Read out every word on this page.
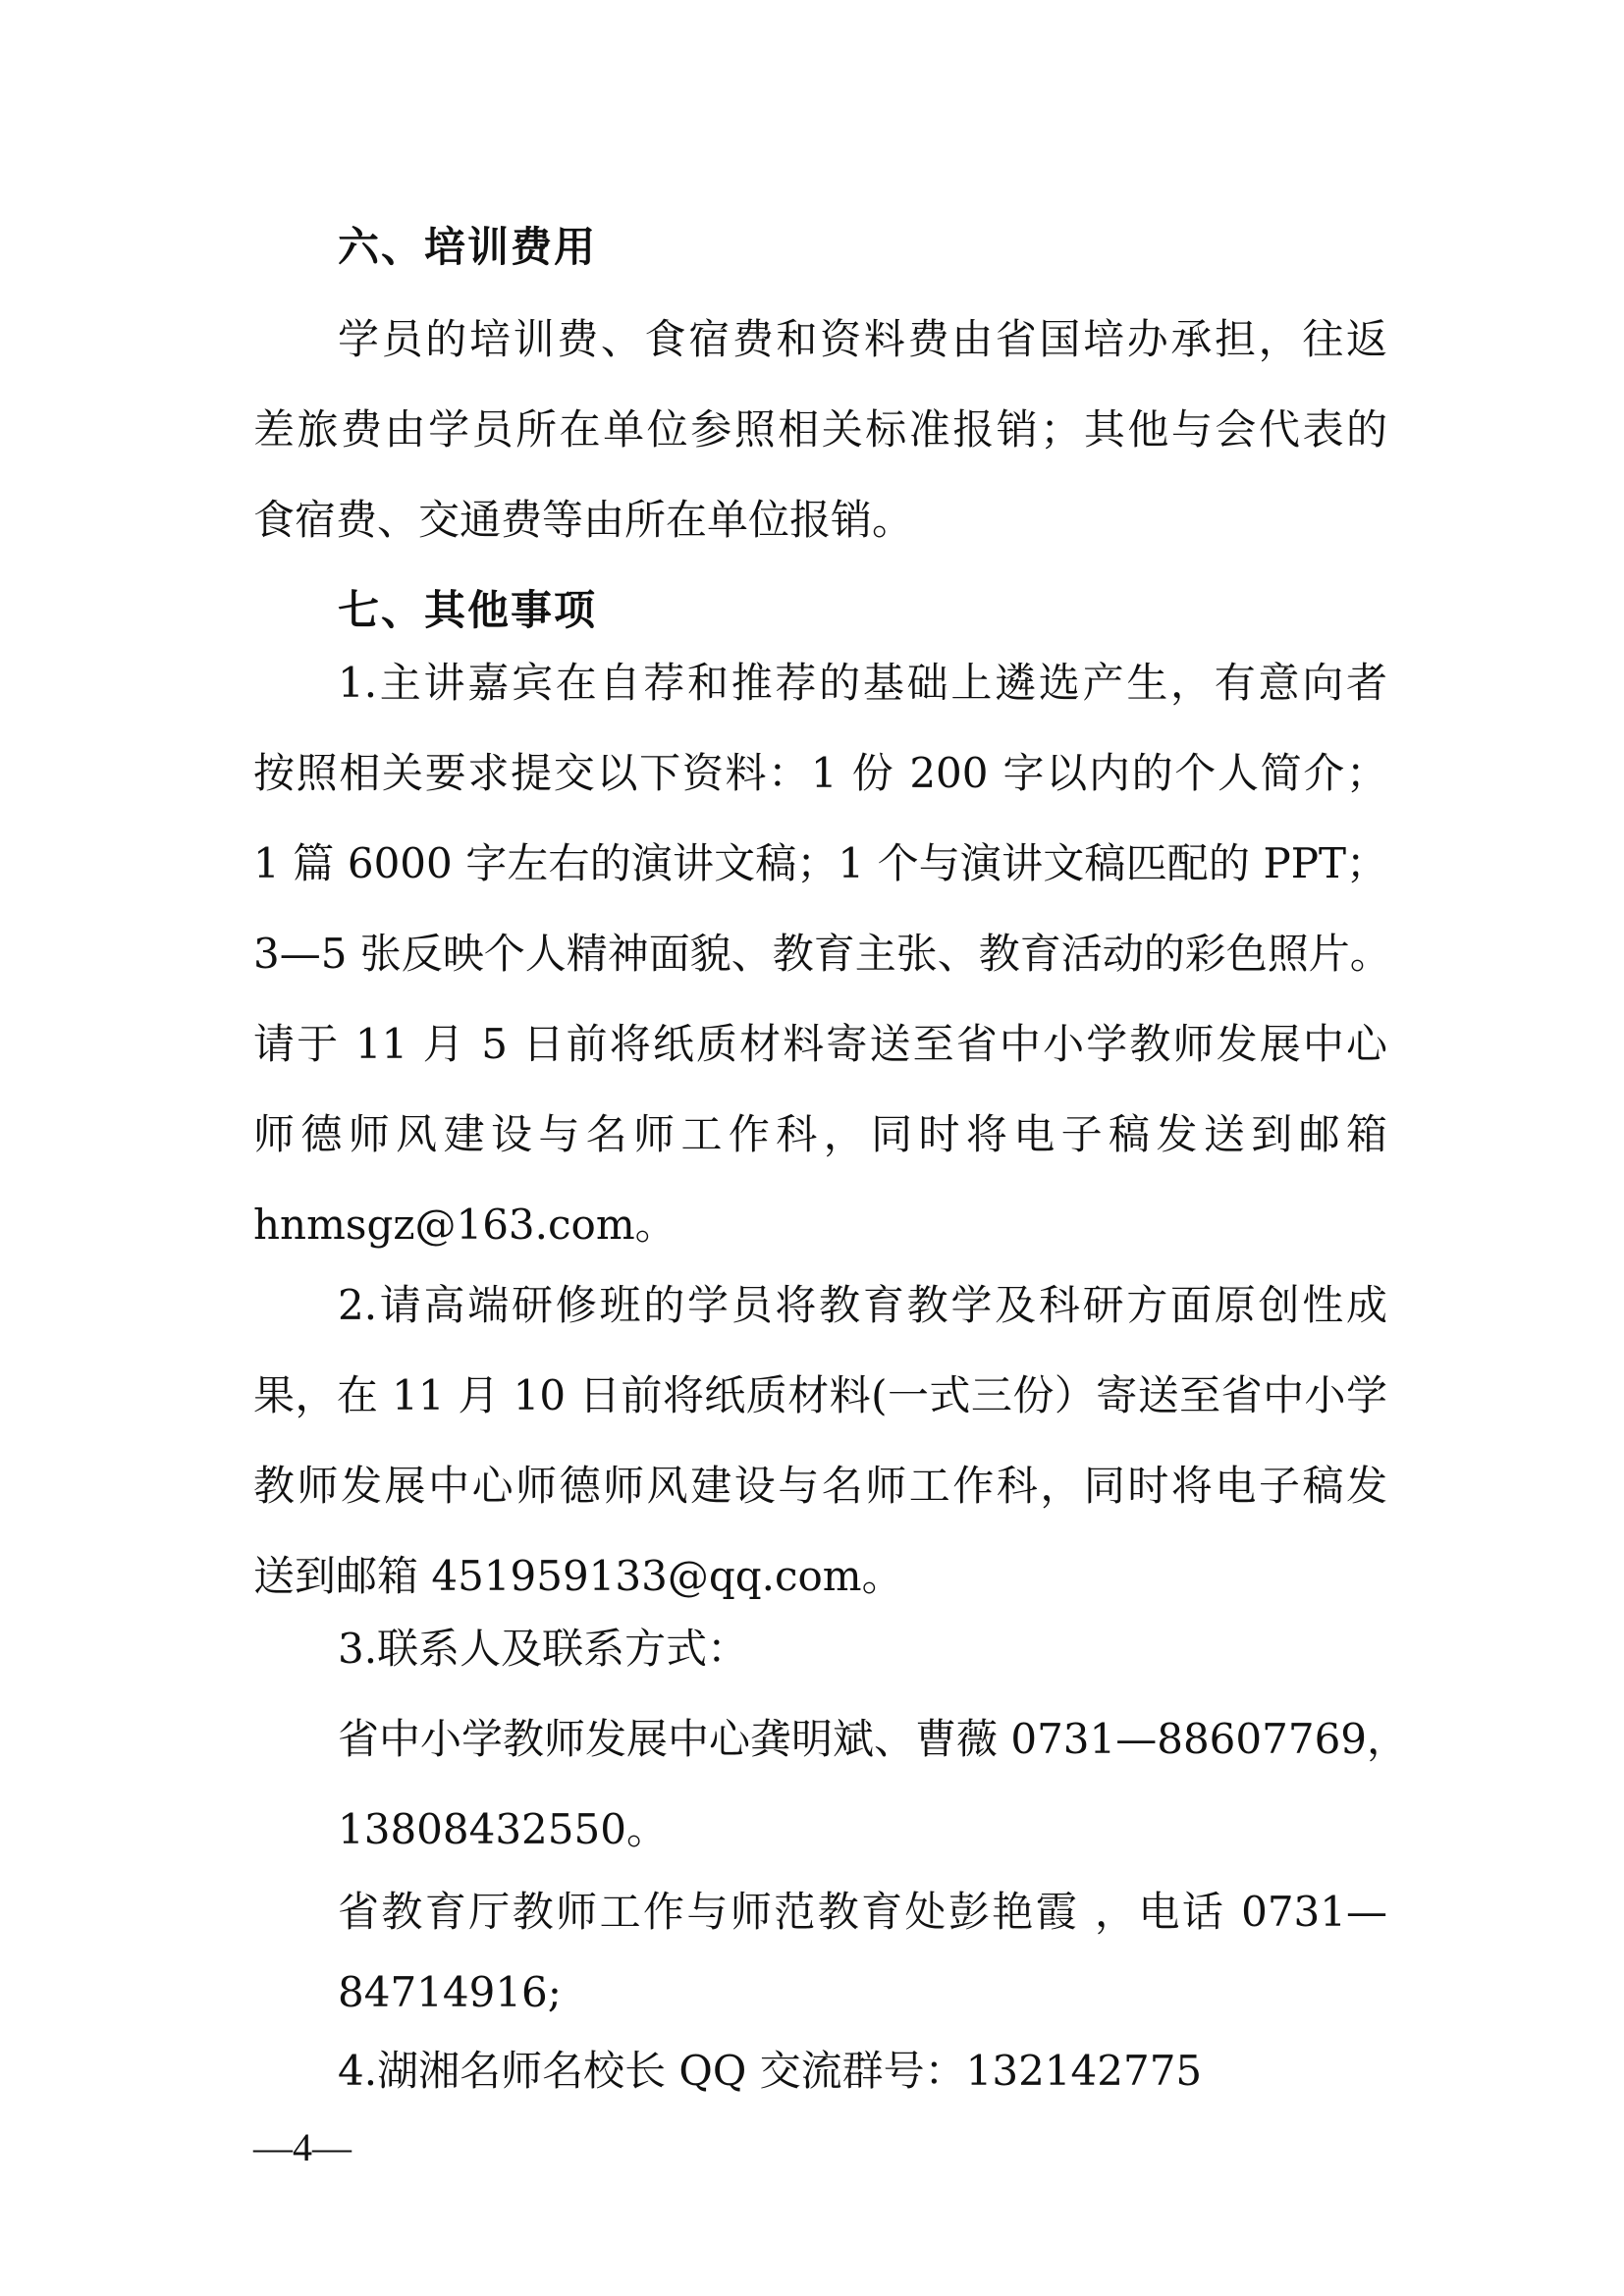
六、培训费用
学员的培训费、食宿费和资料费由省国培办承担，往返
差旅费由学员所在单位参照相关标准报销；其他与会代表的
食宿费、交通费等由所在单位报销。
七、其他事项
1.主讲嘉宾在自荐和推荐的基础上遴选产生，有意向者
按照相关要求提交以下资料：1 份 200 字以内的个人简介；
1 篇 6000 字左右的演讲文稿；1 个与演讲文稿匹配的 PPT；
3—5 张反映个人精神面貌、教育主张、教育活动的彩色照片。
请于 11 月 5 日前将纸质材料寄送至省中小学教师发展中心
师德师风建设与名师工作科，同时将电子稿发送到邮箱
hnmsgz@163.com。
2.请高端研修班的学员将教育教学及科研方面原创性成
果，在 11 月 10 日前将纸质材料(一式三份）寄送至省中小学
教师发展中心师德师风建设与名师工作科，同时将电子稿发
送到邮箱 451959133@qq.com。
3.联系人及联系方式：
省中小学教师发展中心龚明斌、曹薇 0731—88607769，
13808432550。
省教育厅教师工作与师范教育处彭艳霞 ，电话 0731—
84714916;
4.湖湘名师名校长 QQ 交流群号：132142775
—4—
